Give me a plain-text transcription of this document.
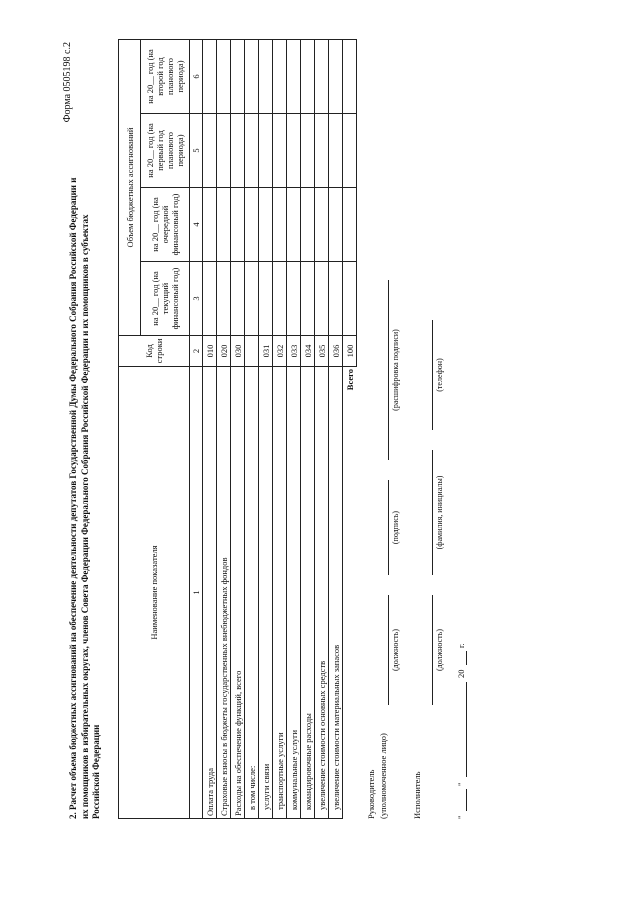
Форма 0505198 с.2
2. Расчет объема бюджетных ассигнований на обеспечение деятельности депутатов Государственной Думы Федерального Собрания Российской Федерации и их помощников в избирательных округах, членов Совета Федерации Федерального Собрания Российской Федерации и их помощников в субъектах Российской Федерации
Наименование показателя	Код строки	Объем бюджетных ассигнований			
		на 20__ год (на текущий финансовый год)	на 20__ год (на очередной финансовый год)	на 20__ год (на первый год планового периода)	на 20__ год (на второй год планового периода)
1	2	3	4	5	6
Оплата труда	010				
Страховые взносы в бюджеты государственных внебюджетных фондов	020				
Расходы на обеспечение функций, всего	030				
в том числе:					
услуги связи	031				
транспортные услуги	032				
коммунальные услуги	033				
командировочные расходы	034				
увеличение стоимости основных средств	035				
увеличение стоимости материальных запасов	036				
Всего	100				
Руководитель (уполномоченное лицо)
(должность)
(подпись)
(расшифровка подписи)
Исполнитель
(должность)
(фамилия, инициалы)
(телефон)
"
"
20
г.
